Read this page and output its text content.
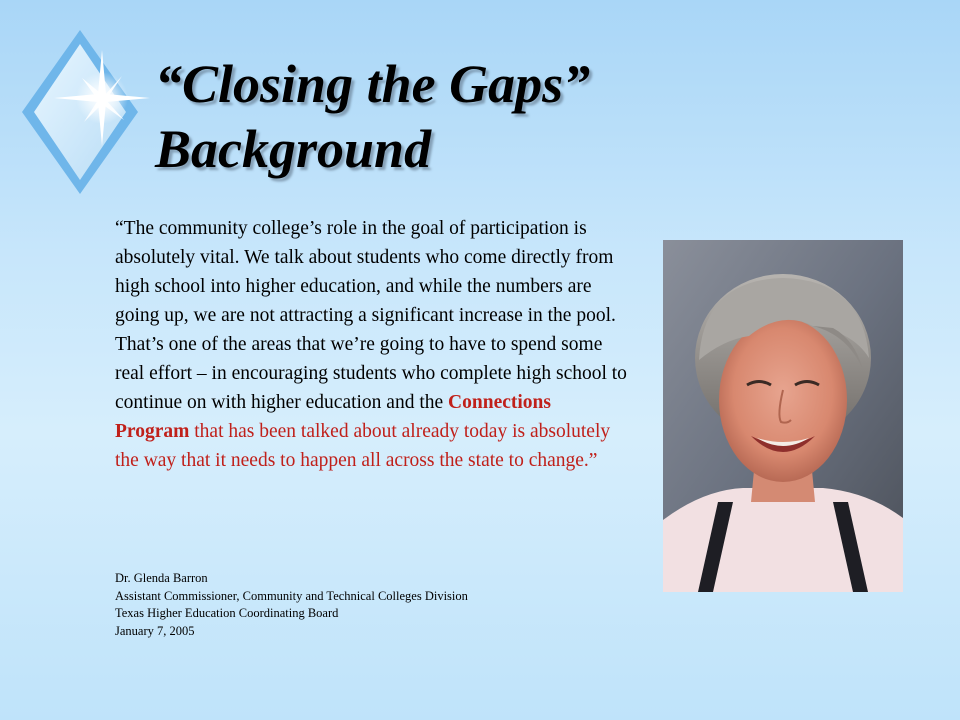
“Closing the Gaps”
Background

“The community college’s role in the goal of participation is absolutely vital. We talk about students who come directly from high school into higher education, and while the numbers are going up, we are not attracting a significant increase in the pool. That’s one of the areas that we’re going to have to spend some real effort – in encouraging students who complete high school to continue on with higher education and the Connections Program that has been talked about already today is absolutely the way that it needs to happen all across the state to change.”

Dr. Glenda Barron
Assistant Commissioner, Community and Technical Colleges Division
Texas Higher Education Coordinating Board
January 7, 2005
